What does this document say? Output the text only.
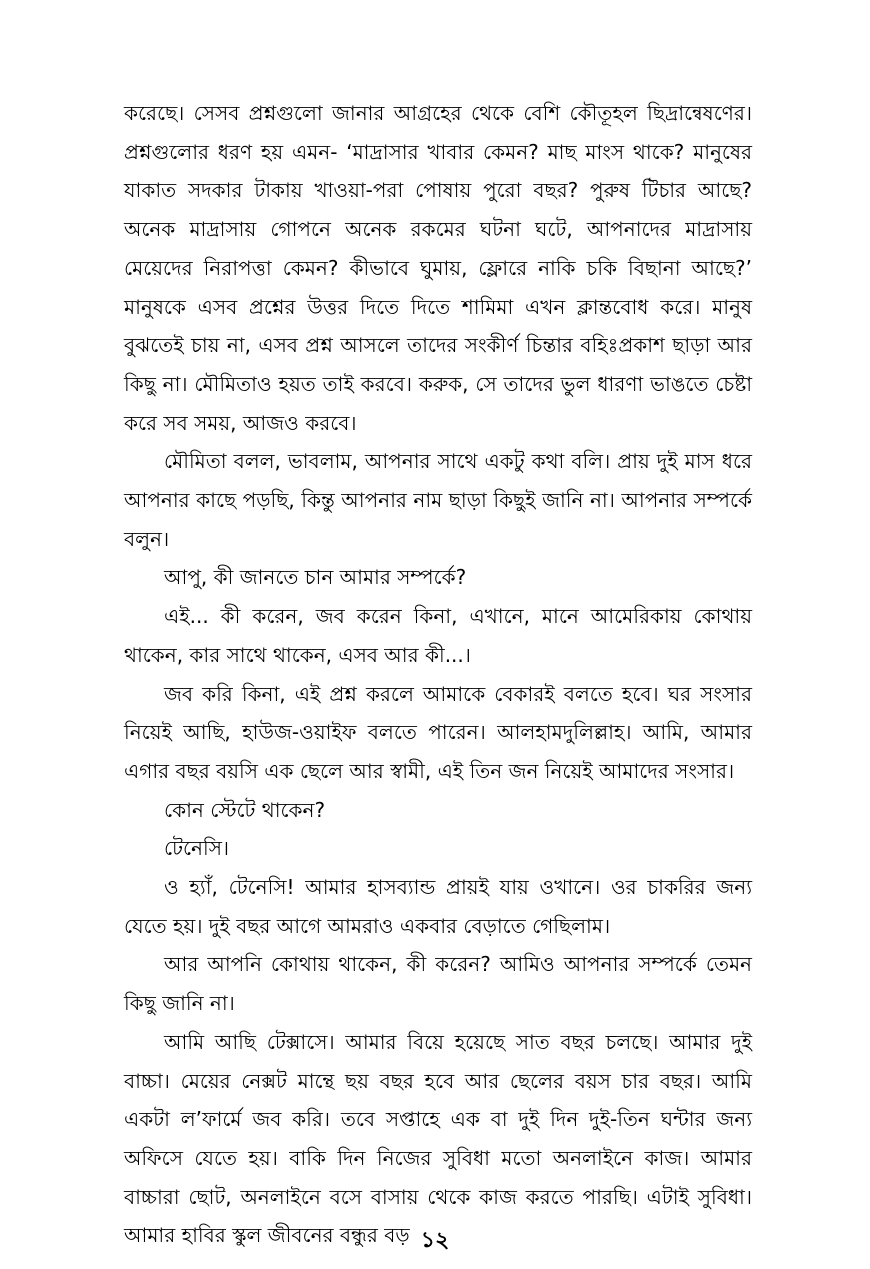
করেছে। সেসব প্রশ্নগুলো জানার আগ্রহের থেকে বেশি কৌতূহল ছিদ্রান্বেষণের। প্রশ্নগুলোর ধরণ হয় এমন- ‘মাদ্রাসার খাবার কেমন? মাছ মাংস থাকে? মানুষের যাকাত সদকার টাকায় খাওয়া-পরা পোষায় পুরো বছর? পুরুষ টিচার আছে? অনেক মাদ্রাসায় গোপনে অনেক রকমের ঘটনা ঘটে, আপনাদের মাদ্রাসায় মেয়েদের নিরাপত্তা কেমন? কীভাবে ঘুমায়, ফ্লোরে নাকি চকি বিছানা আছে?’ মানুষকে এসব প্রশ্নের উত্তর দিতে দিতে শামিমা এখন ক্লান্তবোধ করে। মানুষ বুঝতেই চায় না, এসব প্রশ্ন আসলে তাদের সংকীর্ণ চিন্তার বহিঃপ্রকাশ ছাড়া আর কিছু না। মৌমিতাও হয়ত তাই করবে। করুক, সে তাদের ভুল ধারণা ভাঙতে চেষ্টা করে সব সময়, আজও করবে।

মৌমিতা বলল, ভাবলাম, আপনার সাথে একটু কথা বলি। প্রায় দুই মাস ধরে আপনার কাছে পড়ছি, কিন্তু আপনার নাম ছাড়া কিছুই জানি না। আপনার সম্পর্কে বলুন।

আপু, কী জানতে চান আমার সম্পর্কে?

এই... কী করেন, জব করেন কিনা, এখানে, মানে আমেরিকায় কোথায় থাকেন, কার সাথে থাকেন, এসব আর কী...।

জব করি কিনা, এই প্রশ্ন করলে আমাকে বেকারই বলতে হবে। ঘর সংসার নিয়েই আছি, হাউজ-ওয়াইফ বলতে পারেন। আলহামদুলিল্লাহ। আমি, আমার এগার বছর বয়সি এক ছেলে আর স্বামী, এই তিন জন নিয়েই আমাদের সংসার।

কোন স্টেটে থাকেন?

টেনেসি।

ও হ্যাঁ, টেনেসি! আমার হাসব্যান্ড প্রায়ই যায় ওখানে। ওর চাকরির জন্য যেতে হয়। দুই বছর আগে আমরাও একবার বেড়াতে গেছিলাম।

আর আপনি কোথায় থাকেন, কী করেন? আমিও আপনার সম্পর্কে তেমন কিছু জানি না।

আমি আছি টেক্সাসে। আমার বিয়ে হয়েছে সাত বছর চলছে। আমার দুই বাচ্চা। মেয়ের নেক্সট মান্থে ছয় বছর হবে আর ছেলের বয়স চার বছর। আমি একটা ল’ফার্মে জব করি। তবে সপ্তাহে এক বা দুই দিন দুই-তিন ঘন্টার জন্য অফিসে যেতে হয়। বাকি দিন নিজের সুবিধা মতো অনলাইনে কাজ। আমার বাচ্চারা ছোট, অনলাইনে বসে বাসায় থেকে কাজ করতে পারছি। এটাই সুবিধা। আমার হাবির স্কুল জীবনের বন্ধুর বড় ১২
